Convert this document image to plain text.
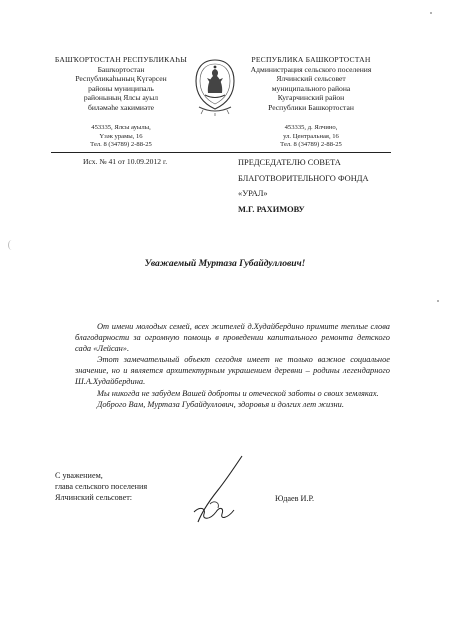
БАШҠОРТОСТАН РЕСПУБЛИКАҺЫ
Башҡортостан
Республикаһының Күгәрсен
районы муниципаль
районының Ялсы ауыл
биләмәһе хакимиәте
453335, Ялсы ауылы,
Үзәк урамы, 16
Тел. 8 (34789) 2-88-25
РЕСПУБЛИКА БАШКОРТОСТАН
Администрация сельского поселения
Ялчинский сельсовет
муниципального района
Кугарчинский район
Республики Башкортостан
453335, д. Ялчино,
ул. Центральная, 16
Тел. 8 (34789) 2-88-25
Исх. № 41 от 10.09.2012 г.	ПРЕДСЕДАТЕЛЮ СОВЕТА
БЛАГОТВОРИТЕЛЬНОГО ФОНДА
«УРАЛ»
М.Г. РАХИМОВУ
Уважаемый Муртаза Губайдуллович!

От имени молодых семей, всех жителей д.Худайбердино примите теплые слова благодарности за огромную помощь в проведении капитального ремонта детского сада «Лейсан».

Этот замечательный объект сегодня имеет не только важное социальное значение, но и является архитектурным украшением деревни – родины легендарного Ш.А.Худайбердина.

Мы никогда не забудем Вашей доброты и отеческой заботы о своих земляках.

Доброго Вам, Муртаза Губайдуллович, здоровья и долгих лет жизни.

С уважением,
глава сельского поселения
Ялчинский сельсовет:	Юдаев И.Р.
